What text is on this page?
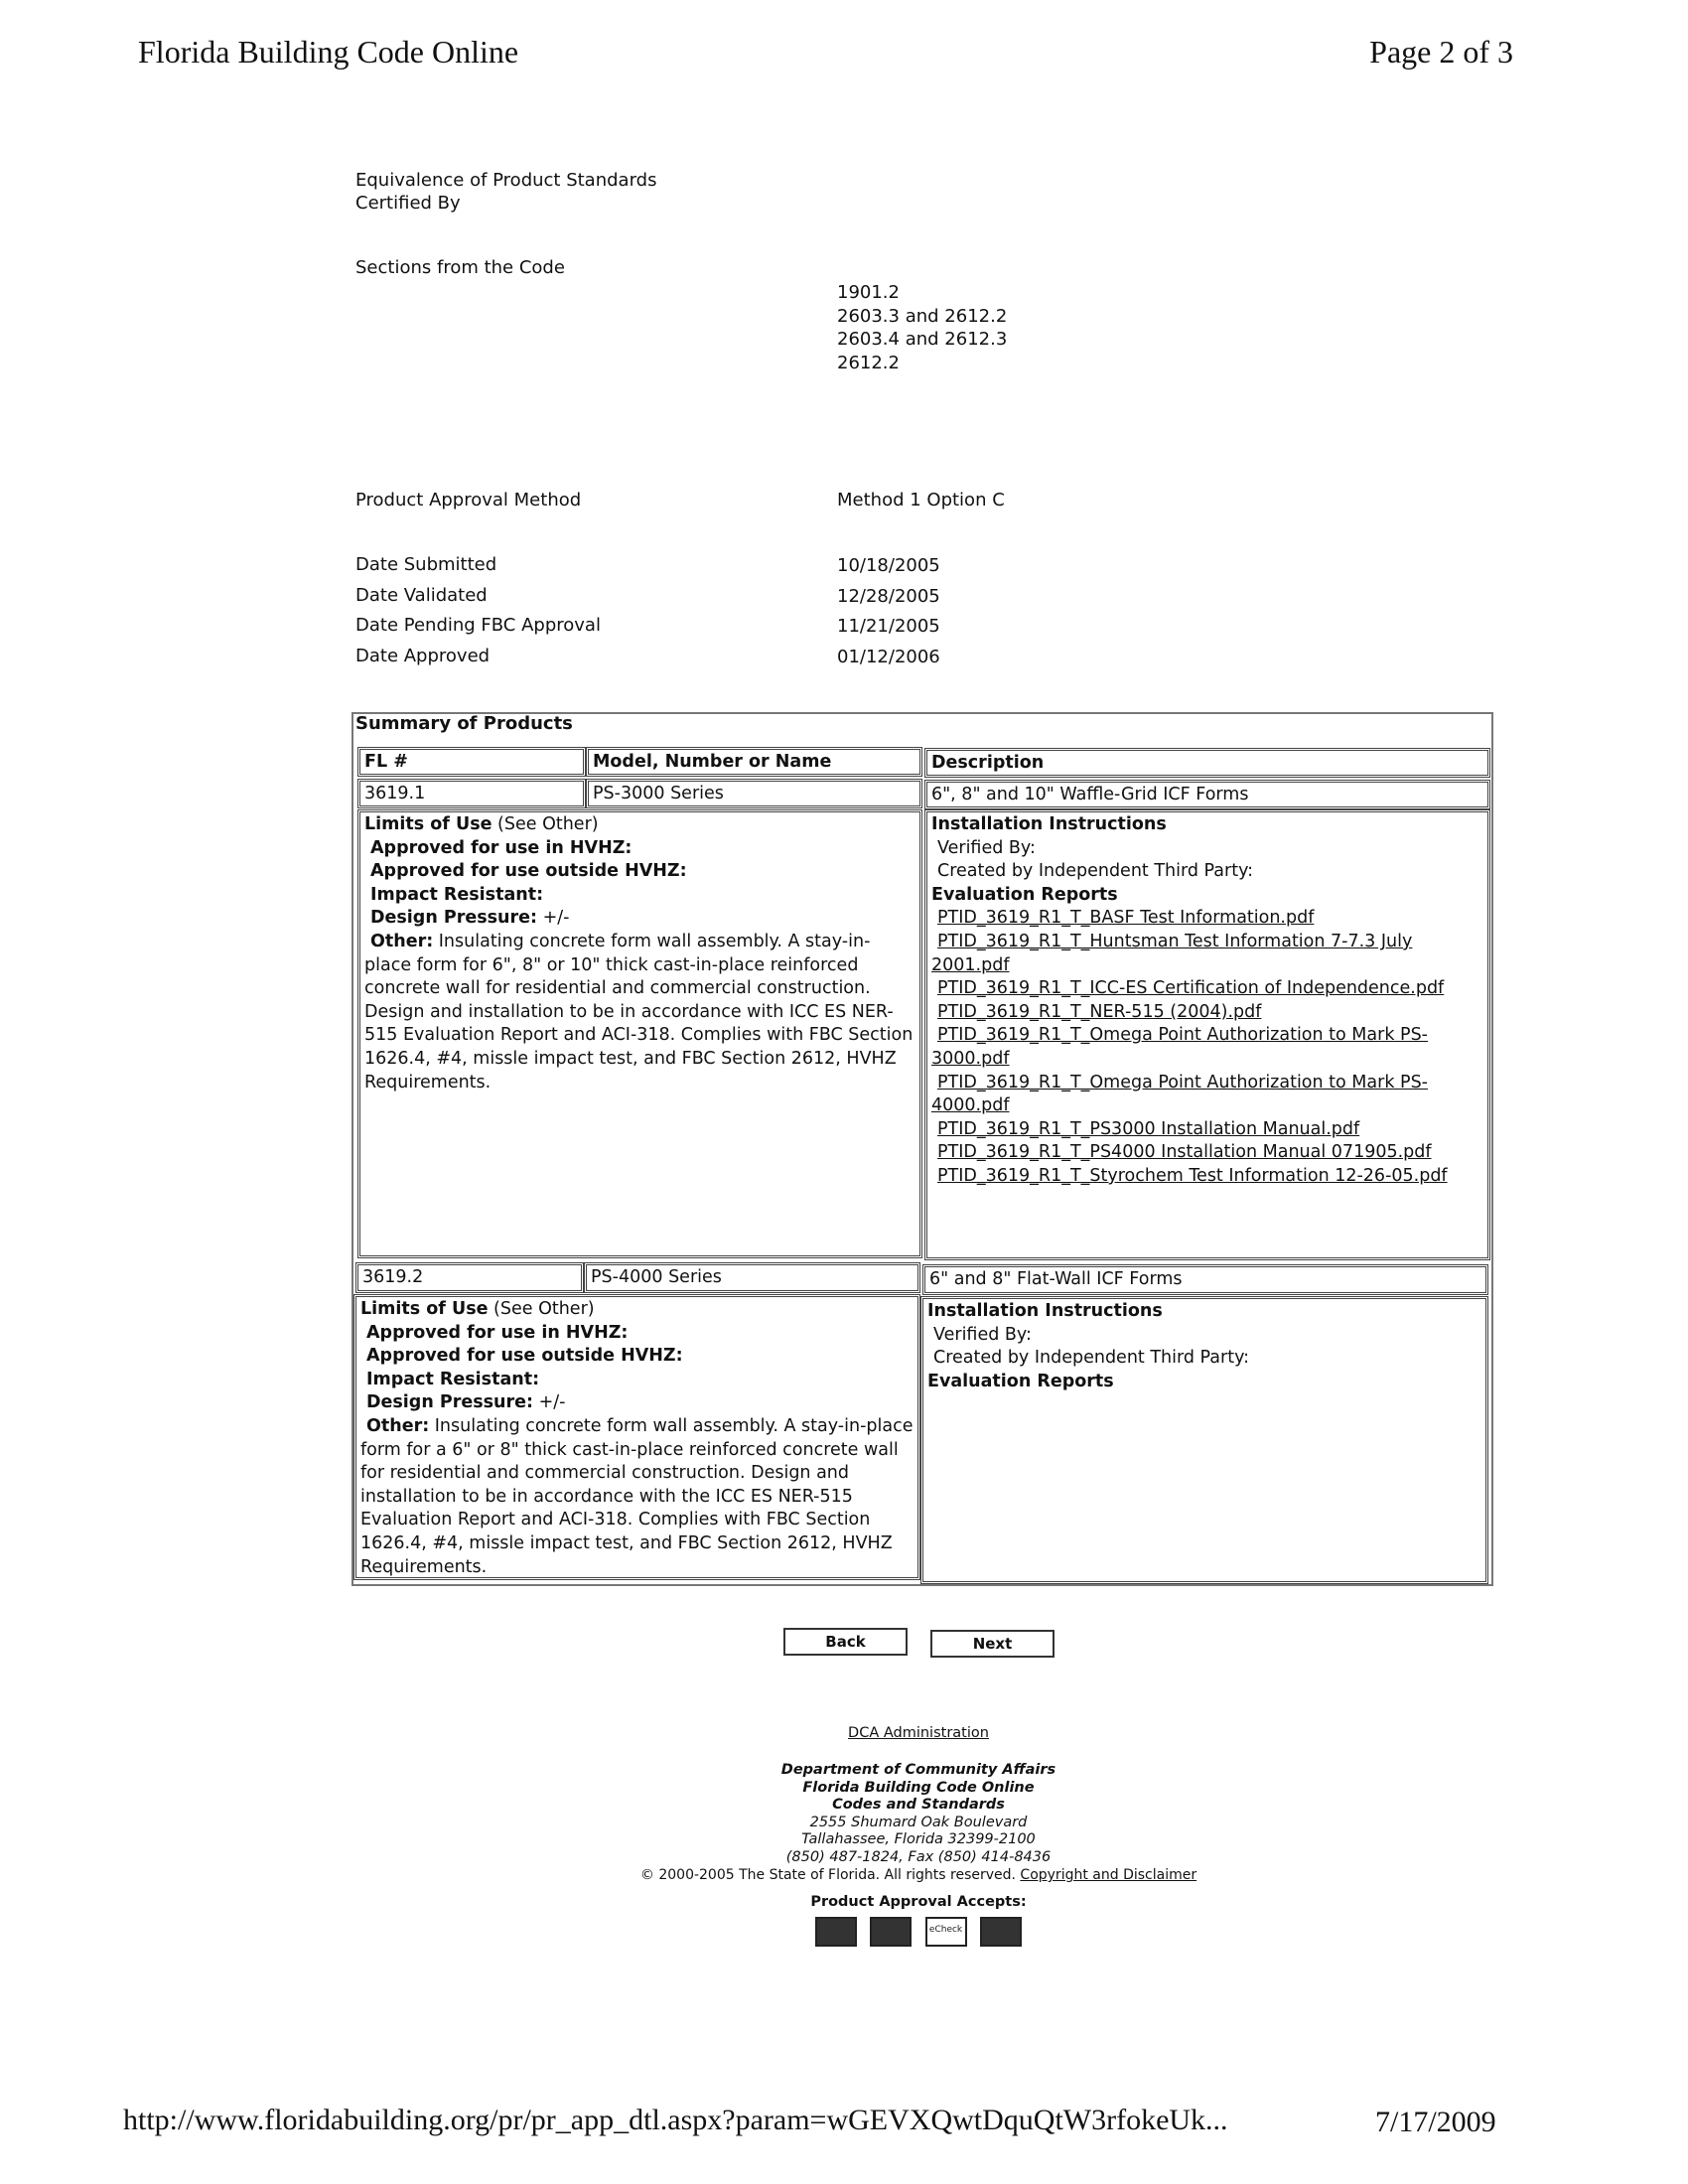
Florida Building Code Online	Page 2 of 3
Equivalence of Product Standards
Certified By
Sections from the Code
1901.2
2603.3 and 2612.2
2603.4 and 2612.3
2612.2
Product Approval Method	Method 1 Option C
Date Submitted	10/18/2005
Date Validated	12/28/2005
Date Pending FBC Approval	11/21/2005
Date Approved	01/12/2006
Summary of Products
FL #	Model, Number or Name	Description
3619.1	PS-3000 Series	6", 8" and 10" Waffle-Grid ICF Forms
Limits of Use (See Other)
Approved for use in HVHZ:
Approved for use outside HVHZ:
Impact Resistant:
Design Pressure: +/-
Other: Insulating concrete form wall assembly. A stay-in-place form for 6", 8" or 10" thick cast-in-place reinforced concrete wall for residential and commercial construction. Design and installation to be in accordance with ICC ES NER-515 Evaluation Report and ACI-318. Complies with FBC Section 1626.4, #4, missle impact test, and FBC Section 2612, HVHZ Requirements.
Installation Instructions
Verified By:
Created by Independent Third Party:
Evaluation Reports
PTID_3619_R1_T_BASF Test Information.pdf
PTID_3619_R1_T_Huntsman Test Information 7-7.3 July 2001.pdf
PTID_3619_R1_T_ICC-ES Certification of Independence.pdf
PTID_3619_R1_T_NER-515 (2004).pdf
PTID_3619_R1_T_Omega Point Authorization to Mark PS-3000.pdf
PTID_3619_R1_T_Omega Point Authorization to Mark PS-4000.pdf
PTID_3619_R1_T_PS3000 Installation Manual.pdf
PTID_3619_R1_T_PS4000 Installation Manual 071905.pdf
PTID_3619_R1_T_Styrochem Test Information 12-26-05.pdf
3619.2	PS-4000 Series	6" and 8" Flat-Wall ICF Forms
Limits of Use (See Other)
Approved for use in HVHZ:
Approved for use outside HVHZ:
Impact Resistant:
Design Pressure: +/-
Other: Insulating concrete form wall assembly. A stay-in-place form for a 6" or 8" thick cast-in-place reinforced concrete wall for residential and commercial construction. Design and installation to be in accordance with the ICC ES NER-515 Evaluation Report and ACI-318. Complies with FBC Section 1626.4, #4, missle impact test, and FBC Section 2612, HVHZ Requirements.
Installation Instructions
Verified By:
Created by Independent Third Party:
Evaluation Reports
Back	Next
DCA Administration
Department of Community Affairs
Florida Building Code Online
Codes and Standards
2555 Shumard Oak Boulevard
Tallahassee, Florida 32399-2100
(850) 487-1824, Fax (850) 414-8436
© 2000-2005 The State of Florida. All rights reserved. Copyright and Disclaimer
Product Approval Accepts:
eCheck
http://www.floridabuilding.org/pr/pr_app_dtl.aspx?param=wGEVXQwtDquQtW3rfokeUk...	7/17/2009
